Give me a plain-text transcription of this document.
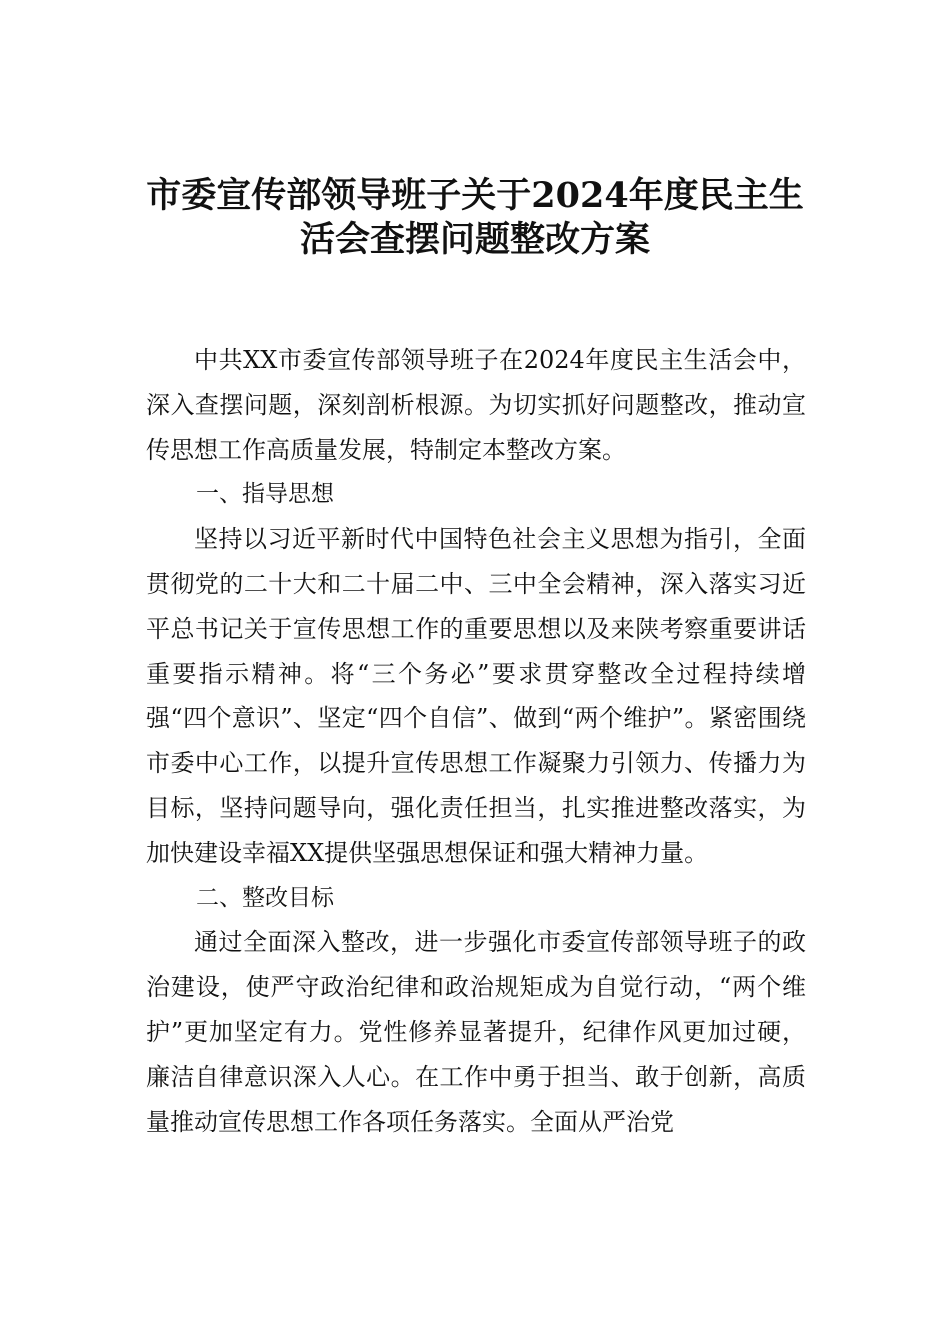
市委宣传部领导班子关于2024年度民主生
活会查摆问题整改方案

中共XX市委宣传部领导班子在2024年度民主生活会中，深入查摆问题，深刻剖析根源。为切实抓好问题整改，推动宣传思想工作高质量发展，特制定本整改方案。

一、指导思想

坚持以习近平新时代中国特色社会主义思想为指引，全面贯彻党的二十大和二十届二中、三中全会精神，深入落实习近平总书记关于宣传思想工作的重要思想以及来陕考察重要讲话重要指示精神。将“三个务必”要求贯穿整改全过程持续增强“四个意识”、坚定“四个自信”、做到“两个维护”。紧密围绕市委中心工作，以提升宣传思想工作凝聚力引领力、传播力为目标，坚持问题导向，强化责任担当，扎实推进整改落实，为加快建设幸福XX提供坚强思想保证和强大精神力量。

二、整改目标

通过全面深入整改，进一步强化市委宣传部领导班子的政治建设，使严守政治纪律和政治规矩成为自觉行动，“两个维护”更加坚定有力。党性修养显著提升，纪律作风更加过硬，廉洁自律意识深入人心。在工作中勇于担当、敢于创新，高质量推动宣传思想工作各项任务落实。全面从严治党
